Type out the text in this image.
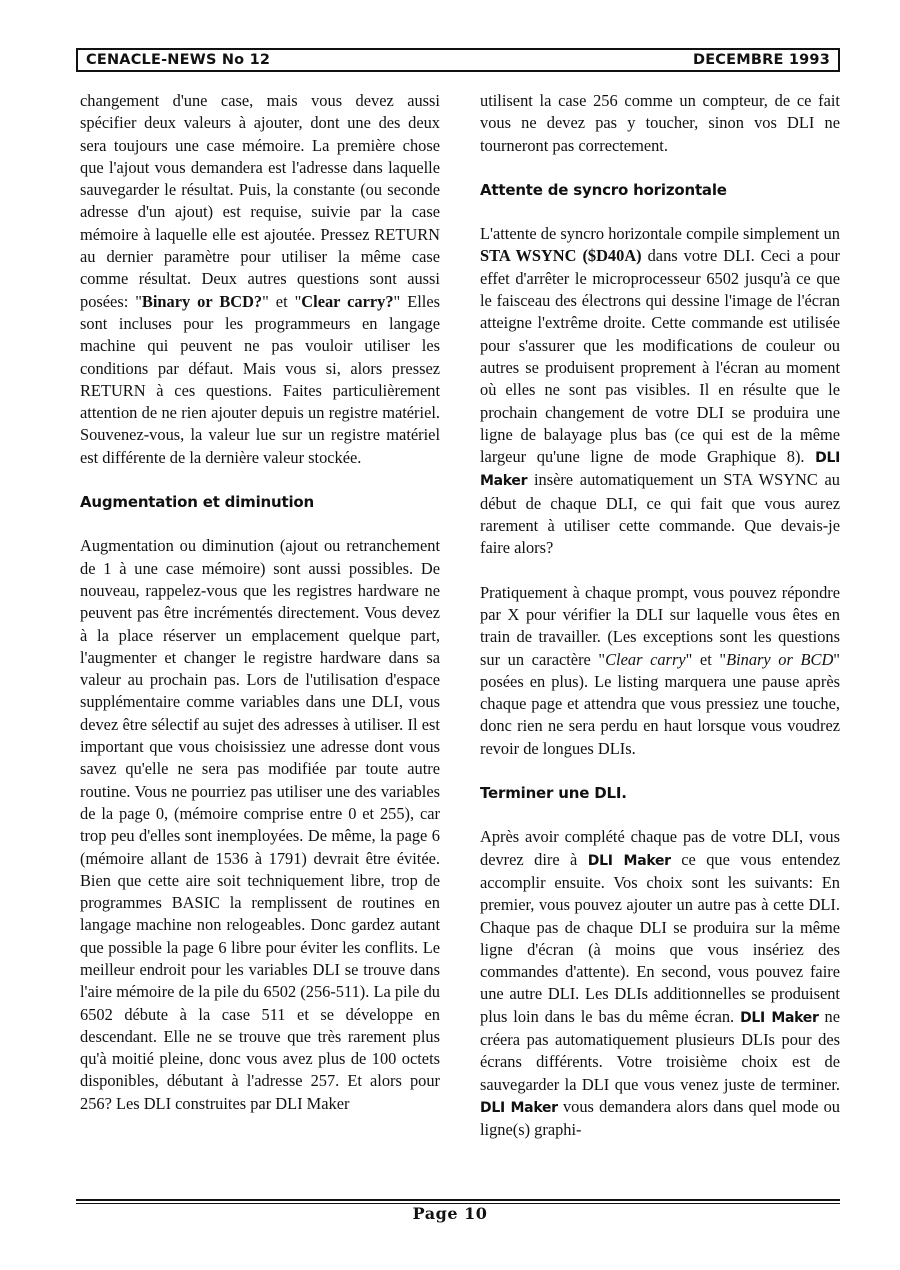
CENACLE-NEWS No 12	DECEMBRE 1993

changement d'une case, mais vous devez aussi spécifier deux valeurs à ajouter, dont une des deux sera toujours une case mémoire. La première chose que l'ajout vous demandera est l'adresse dans laquelle sauvegarder le résultat. Puis, la constante (ou seconde adresse d'un ajout) est requise, suivie par la case mémoire à laquelle elle est ajoutée. Pressez RETURN au dernier paramètre pour utiliser la même case comme résultat. Deux autres questions sont aussi posées: "Binary or BCD?" et "Clear carry?" Elles sont incluses pour les programmeurs en langage machine qui peuvent ne pas vouloir utiliser les conditions par défaut. Mais vous si, alors pressez RETURN à ces questions. Faites particulièrement attention de ne rien ajouter depuis un registre matériel. Souvenez-vous, la valeur lue sur un registre matériel est différente de la dernière valeur stockée.

Augmentation et diminution

Augmentation ou diminution (ajout ou retranchement de 1 à une case mémoire) sont aussi possibles. De nouveau, rappelez-vous que les registres hardware ne peuvent pas être incrémentés directement. Vous devez à la place réserver un emplacement quelque part, l'augmenter et changer le registre hardware dans sa valeur au prochain pas. Lors de l'utilisation d'espace supplémentaire comme variables dans une DLI, vous devez être sélectif au sujet des adresses à utiliser. Il est important que vous choisissiez une adresse dont vous savez qu'elle ne sera pas modifiée par toute autre routine. Vous ne pourriez pas utiliser une des variables de la page 0, (mémoire comprise entre 0 et 255), car trop peu d'elles sont inemployées. De même, la page 6 (mémoire allant de 1536 à 1791) devrait être évitée. Bien que cette aire soit techniquement libre, trop de programmes BASIC la remplissent de routines en langage machine non relogeables. Donc gardez autant que possible la page 6 libre pour éviter les conflits. Le meilleur endroit pour les variables DLI se trouve dans l'aire mémoire de la pile du 6502 (256-511). La pile du 6502 débute à la case 511 et se développe en descendant. Elle ne se trouve que très rarement plus qu'à moitié pleine, donc vous avez plus de 100 octets disponibles, débutant à l'adresse 257. Et alors pour 256? Les DLI construites par DLI Maker

utilisent la case 256 comme un compteur, de ce fait vous ne devez pas y toucher, sinon vos DLI ne tourneront pas correctement.

Attente de syncro horizontale

L'attente de syncro horizontale compile simplement un STA WSYNC ($D40A) dans votre DLI. Ceci a pour effet d'arrêter le microprocesseur 6502 jusqu'à ce que le faisceau des électrons qui dessine l'image de l'écran atteigne l'extrême droite. Cette commande est utilisée pour s'assurer que les modifications de couleur ou autres se produisent proprement à l'écran au moment où elles ne sont pas visibles. Il en résulte que le prochain changement de votre DLI se produira une ligne de balayage plus bas (ce qui est de la même largeur qu'une ligne de mode Graphique 8). DLI Maker insère automatiquement un STA WSYNC au début de chaque DLI, ce qui fait que vous aurez rarement à utiliser cette commande. Que devais-je faire alors?

Pratiquement à chaque prompt, vous pouvez répondre par X pour vérifier la DLI sur laquelle vous êtes en train de travailler. (Les exceptions sont les questions sur un caractère "Clear carry" et "Binary or BCD" posées en plus). Le listing marquera une pause après chaque page et attendra que vous pressiez une touche, donc rien ne sera perdu en haut lorsque vous voudrez revoir de longues DLIs.

Terminer une DLI.

Après avoir complété chaque pas de votre DLI, vous devrez dire à DLI Maker ce que vous entendez accomplir ensuite. Vos choix sont les suivants: En premier, vous pouvez ajouter un autre pas à cette DLI. Chaque pas de chaque DLI se produira sur la même ligne d'écran (à moins que vous insériez des commandes d'attente). En second, vous pouvez faire une autre DLI. Les DLIs additionnelles se produisent plus loin dans le bas du même écran. DLI Maker ne créera pas automatiquement plusieurs DLIs pour des écrans différents. Votre troisième choix est de sauvegarder la DLI que vous venez juste de terminer. DLI Maker vous demandera alors dans quel mode ou ligne(s) graphi-

Page 10
